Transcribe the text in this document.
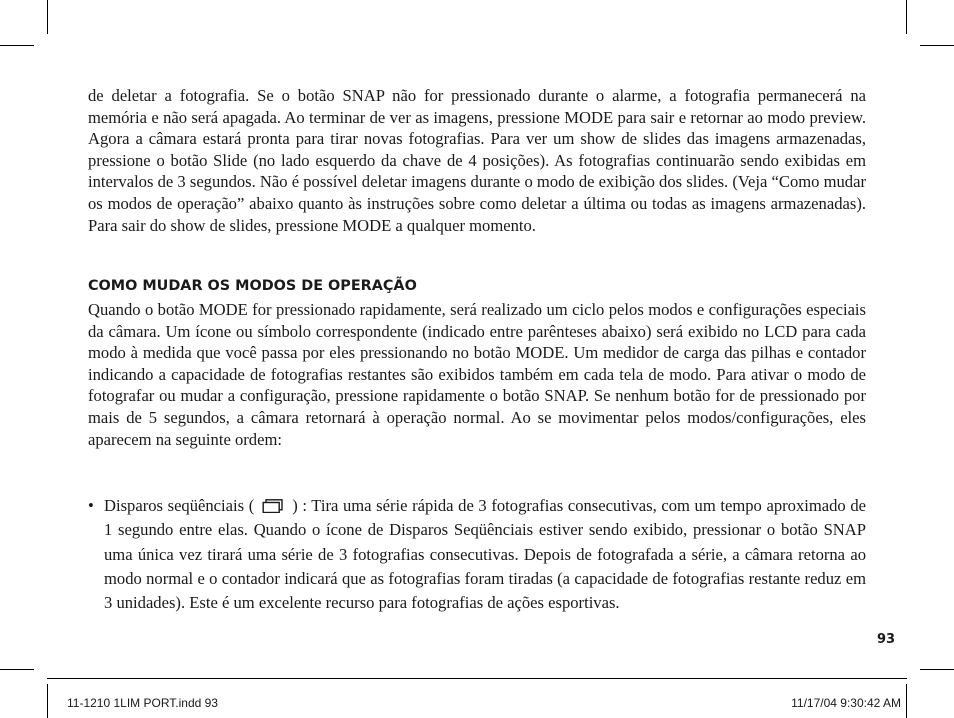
de deletar a fotografia. Se o botão SNAP não for pressionado durante o alarme, a fotografia permanecerá na memória e não será apagada. Ao terminar de ver as imagens, pressione MODE para sair e retornar ao modo preview. Agora a câmara estará pronta para tirar novas fotografias. Para ver um show de slides das imagens armazenadas, pressione o botão Slide (no lado esquerdo da chave de 4 posições). As fotografias continuarão sendo exibidas em intervalos de 3 segundos. Não é possível deletar imagens durante o modo de exibição dos slides. (Veja “Como mudar os modos de operação” abaixo quanto às instruções sobre como deletar a última ou todas as imagens armazenadas). Para sair do show de slides, pressione MODE a qualquer momento.

COMO MUDAR OS MODOS DE OPERAÇÃO

Quando o botão MODE for pressionado rapidamente, será realizado um ciclo pelos modos e configurações especiais da câmara. Um ícone ou símbolo correspondente (indicado entre parênteses abaixo) será exibido no LCD para cada modo à medida que você passa por eles pressionando no botão MODE. Um medidor de carga das pilhas e contador indicando a capacidade de fotografias restantes são exibidos também em cada tela de modo. Para ativar o modo de fotografar ou mudar a configuração, pressione rapidamente o botão SNAP. Se nenhum botão for de pressionado por mais de 5 segundos, a câmara retornará à operação normal. Ao se movimentar pelos modos/configurações, eles aparecem na seguinte ordem:

• Disparos seqüênciais ( ) : Tira uma série rápida de 3 fotografias consecutivas, com um tempo aproximado de 1 segundo entre elas. Quando o ícone de Disparos Seqüênciais estiver sendo exibido, pressionar o botão SNAP uma única vez tirará uma série de 3 fotografias consecutivas. Depois de fotografada a série, a câmara retorna ao modo normal e o contador indicará que as fotografias foram tiradas (a capacidade de fotografias restante reduz em 3 unidades). Este é um excelente recurso para fotografias de ações esportivas.

93
11-1210 1LIM PORT.indd 93	11/17/04 9:30:42 AM
